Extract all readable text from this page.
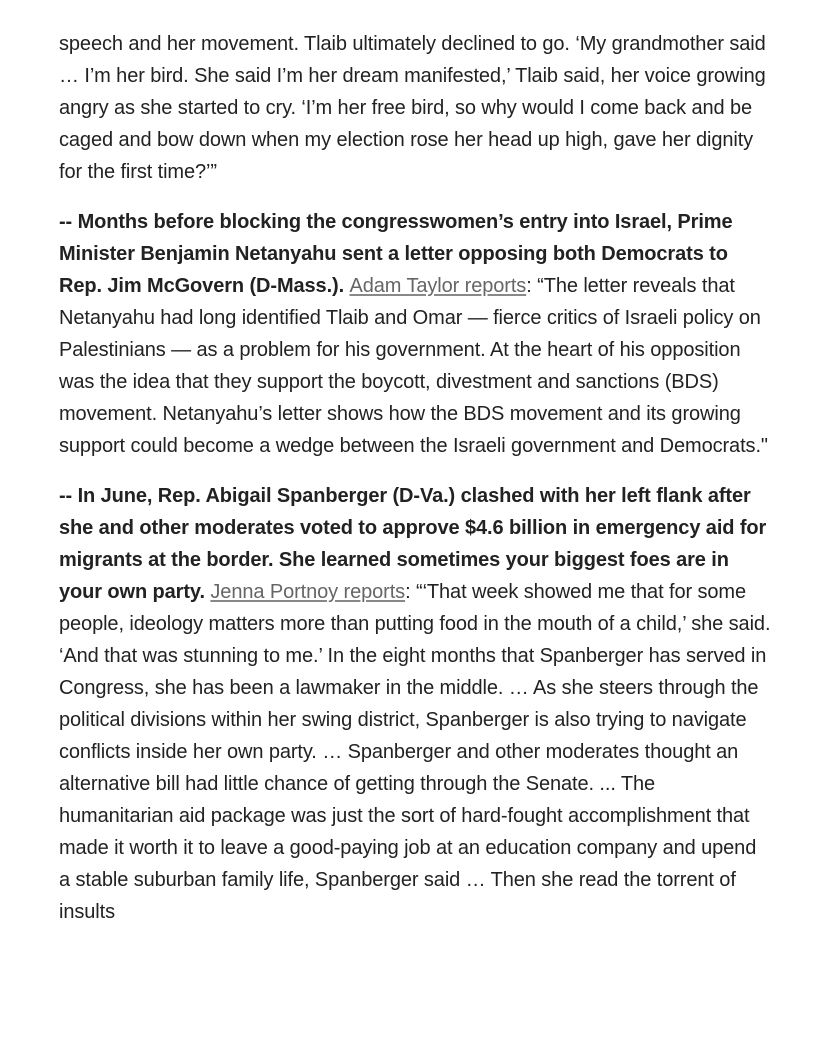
speech and her movement. Tlaib ultimately declined to go. ‘My grandmother said … I’m her bird. She said I’m her dream manifested,’ Tlaib said, her voice growing angry as she started to cry. ‘I’m her free bird, so why would I come back and be caged and bow down when my election rose her head up high, gave her dignity for the first time?’”

-- Months before blocking the congresswomen’s entry into Israel, Prime Minister Benjamin Netanyahu sent a letter opposing both Democrats to Rep. Jim McGovern (D-Mass.). Adam Taylor reports: “The letter reveals that Netanyahu had long identified Tlaib and Omar — fierce critics of Israeli policy on Palestinians — as a problem for his government. At the heart of his opposition was the idea that they support the boycott, divestment and sanctions (BDS) movement. Netanyahu’s letter shows how the BDS movement and its growing support could become a wedge between the Israeli government and Democrats."

-- In June, Rep. Abigail Spanberger (D-Va.) clashed with her left flank after she and other moderates voted to approve $4.6 billion in emergency aid for migrants at the border. She learned sometimes your biggest foes are in your own party. Jenna Portnoy reports: “‘That week showed me that for some people, ideology matters more than putting food in the mouth of a child,’ she said. ‘And that was stunning to me.’ In the eight months that Spanberger has served in Congress, she has been a lawmaker in the middle. … As she steers through the political divisions within her swing district, Spanberger is also trying to navigate conflicts inside her own party. … Spanberger and other moderates thought an alternative bill had little chance of getting through the Senate. ... The humanitarian aid package was just the sort of hard-fought accomplishment that made it worth it to leave a good-paying job at an education company and upend a stable suburban family life, Spanberger said … Then she read the torrent of insults
